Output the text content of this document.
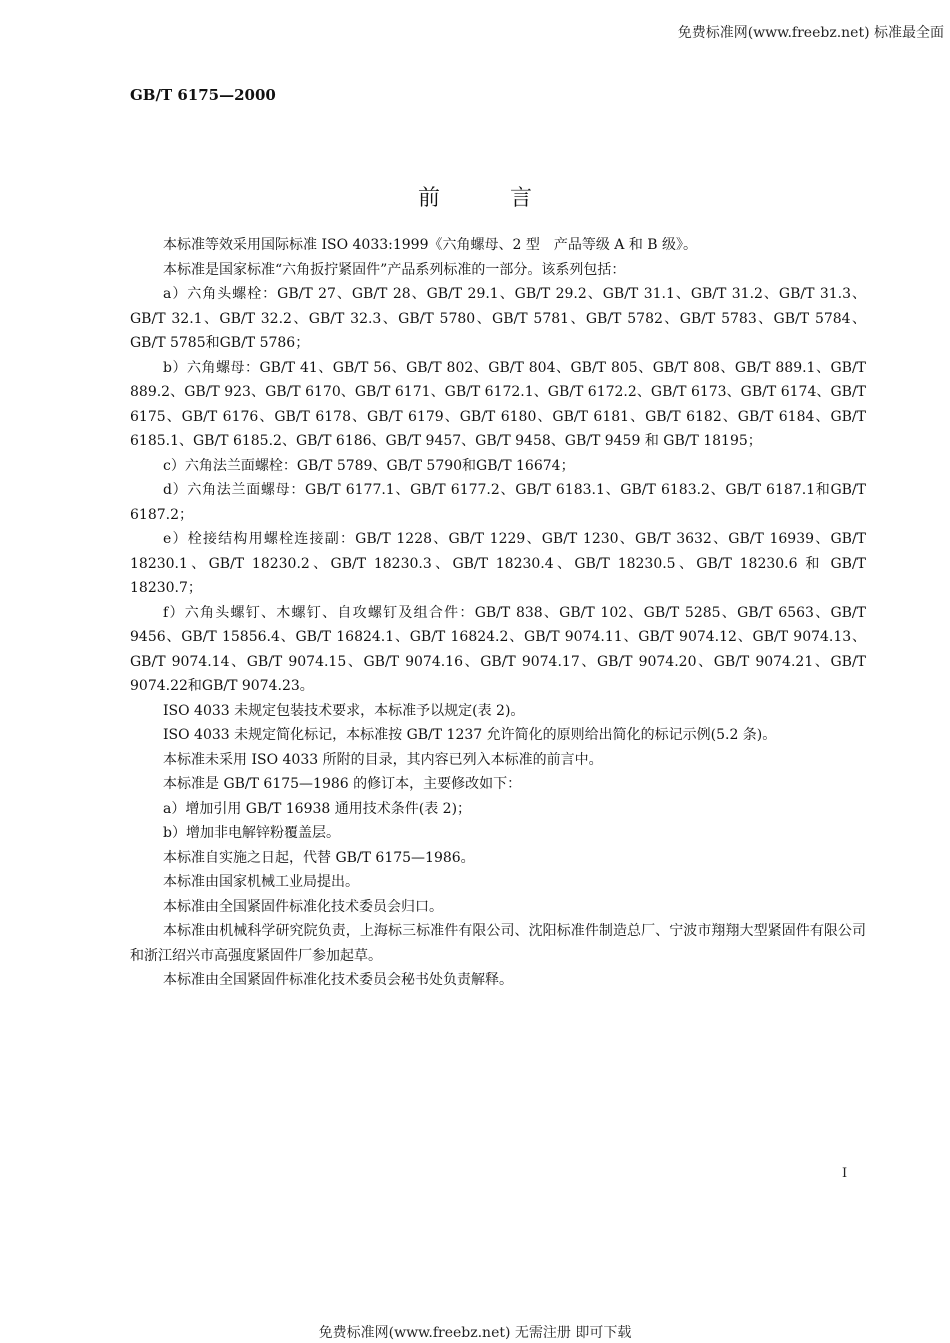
免费标准网(www.freebz.net) 标准最全面
GB/T 6175—2000
前言

本标准等效采用国际标准 ISO 4033:1999《六角螺母、2 型　产品等级 A 和 B 级》。

本标准是国家标准“六角扳拧紧固件”产品系列标准的一部分。该系列包括：

a）六角头螺栓：GB/T 27、GB/T 28、GB/T 29.1、GB/T 29.2、GB/T 31.1、GB/T 31.2、GB/T 31.3、GB/T 32.1、GB/T 32.2、GB/T 32.3、GB/T 5780、GB/T 5781、GB/T 5782、GB/T 5783、GB/T 5784、GB/T 5785和GB/T 5786；

b）六角螺母：GB/T 41、GB/T 56、GB/T 802、GB/T 804、GB/T 805、GB/T 808、GB/T 889.1、GB/T 889.2、GB/T 923、GB/T 6170、GB/T 6171、GB/T 6172.1、GB/T 6172.2、GB/T 6173、GB/T 6174、GB/T 6175、GB/T 6176、GB/T 6178、GB/T 6179、GB/T 6180、GB/T 6181、GB/T 6182、GB/T 6184、GB/T 6185.1、GB/T 6185.2、GB/T 6186、GB/T 9457、GB/T 9458、GB/T 9459 和 GB/T 18195；

c）六角法兰面螺栓：GB/T 5789、GB/T 5790和GB/T 16674；

d）六角法兰面螺母：GB/T 6177.1、GB/T 6177.2、GB/T 6183.1、GB/T 6183.2、GB/T 6187.1和GB/T 6187.2；

e）栓接结构用螺栓连接副：GB/T 1228、GB/T 1229、GB/T 1230、GB/T 3632、GB/T 16939、GB/T 18230.1、GB/T 18230.2、GB/T 18230.3、GB/T 18230.4、GB/T 18230.5、GB/T 18230.6 和 GB/T 18230.7；

f）六角头螺钉、木螺钉、自攻螺钉及组合件：GB/T 838、GB/T 102、GB/T 5285、GB/T 6563、GB/T 9456、GB/T 15856.4、GB/T 16824.1、GB/T 16824.2、GB/T 9074.11、GB/T 9074.12、GB/T 9074.13、GB/T 9074.14、GB/T 9074.15、GB/T 9074.16、GB/T 9074.17、GB/T 9074.20、GB/T 9074.21、GB/T 9074.22和GB/T 9074.23。

ISO 4033 未规定包装技术要求，本标准予以规定(表 2)。

ISO 4033 未规定简化标记，本标准按 GB/T 1237 允许简化的原则给出简化的标记示例(5.2 条)。

本标准未采用 ISO 4033 所附的目录，其内容已列入本标准的前言中。

本标准是 GB/T 6175—1986 的修订本，主要修改如下：

a）增加引用 GB/T 16938 通用技术条件(表 2)；

b）增加非电解锌粉覆盖层。

本标准自实施之日起，代替 GB/T 6175—1986。

本标准由国家机械工业局提出。

本标准由全国紧固件标准化技术委员会归口。

本标准由机械科学研究院负责，上海标三标准件有限公司、沈阳标准件制造总厂、宁波市翔翔大型紧固件有限公司和浙江绍兴市高强度紧固件厂参加起草。

本标准由全国紧固件标准化技术委员会秘书处负责解释。

I
免费标准网(www.freebz.net) 无需注册 即可下载
